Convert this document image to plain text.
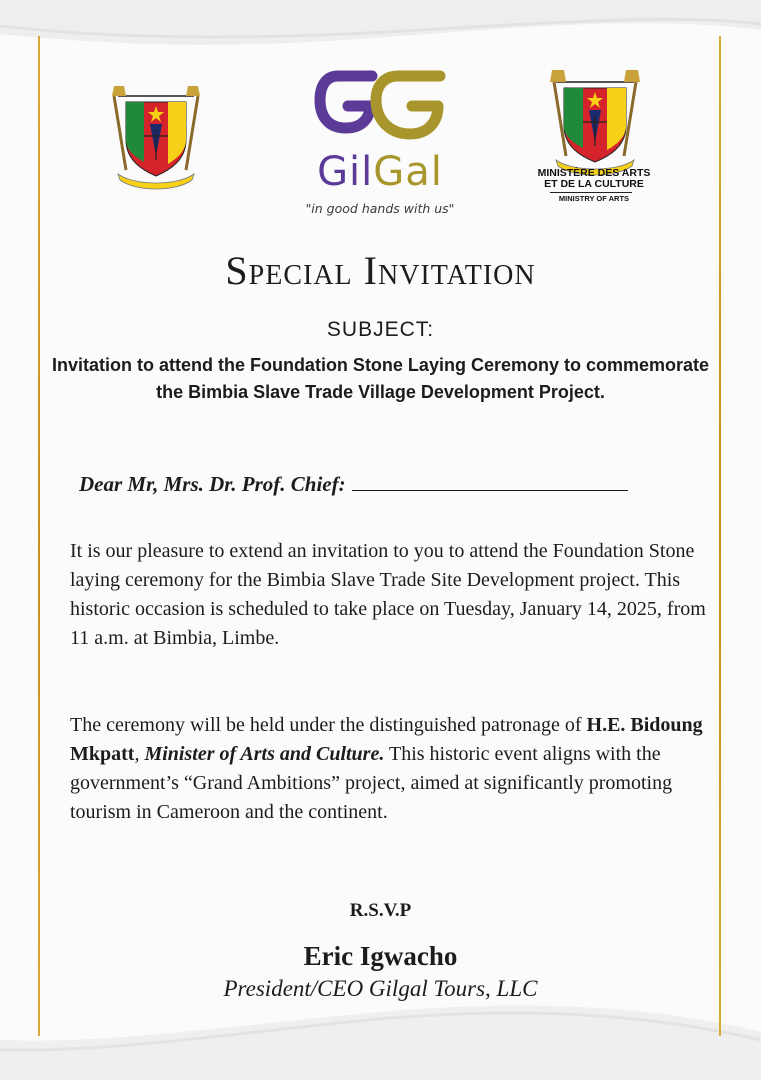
GilGal
"in good hands with us"
MINISTÈRE DES ARTS
ET DE LA CULTURE
MINISTRY OF ARTS
Special Invitation
SUBJECT:
Invitation to attend the Foundation Stone Laying Ceremony to commemorate the Bimbia Slave Trade Village Development Project.
Dear Mr, Mrs. Dr. Prof. Chief:
It is our pleasure to extend an invitation to you to attend the Foundation Stone laying ceremony for the Bimbia Slave Trade Site Development project. This historic occasion is scheduled to take place on Tuesday, January 14, 2025, from 11 a.m. at Bimbia, Limbe.
The ceremony will be held under the distinguished patronage of H.E. Bidoung Mkpatt, Minister of Arts and Culture. This historic event aligns with the government’s “Grand Ambitions” project, aimed at significantly promoting tourism in Cameroon and the continent.
R.S.V.P
Eric Igwacho
President/CEO Gilgal Tours, LLC
